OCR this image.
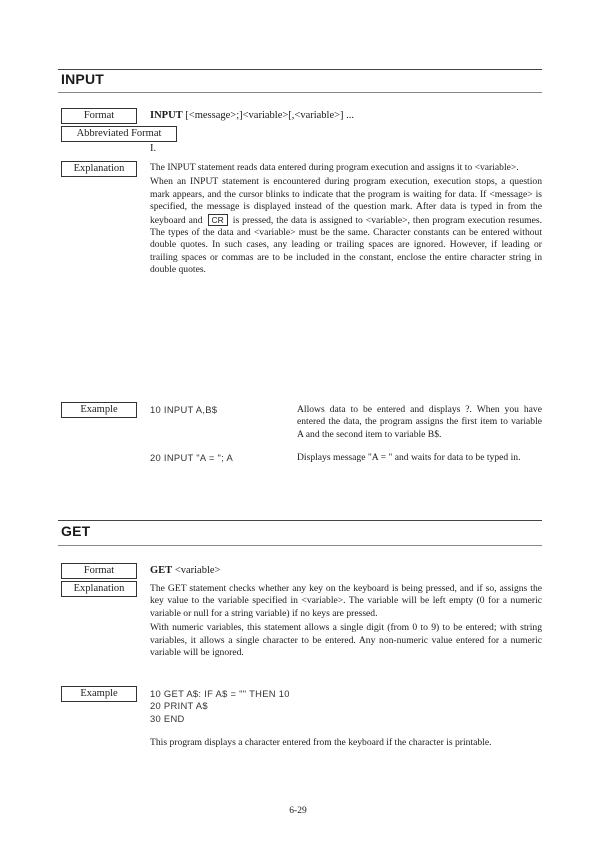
INPUT
Format	INPUT [<message>;]<variable>[,<variable>] ...
Abbreviated Format
I.
Explanation	The INPUT statement reads data entered during program execution and assigns it to <variable>.

When an INPUT statement is encountered during program execution, execution stops, a question mark appears, and the cursor blinks to indicate that the program is waiting for data. If <message> is specified, the message is displayed instead of the question mark. After data is typed in from the keyboard and CR is pressed, the data is assigned to <variable>, then program execution resumes. The types of the data and <variable> must be the same. Character constants can be entered without double quotes. In such cases, any leading or trailing spaces are ignored. However, if leading or trailing spaces or commas are to be included in the constant, enclose the entire character string in double quotes.

Example	10 INPUT A,B$	Allows data to be entered and displays ?. When you have entered the data, the program assigns the first item to variable A and the second item to variable B$.
20 INPUT "A = "; A	Displays message "A = " and waits for data to be typed in.
GET
Format	GET <variable>
Explanation	The GET statement checks whether any key on the keyboard is being pressed, and if so, assigns the key value to the variable specified in <variable>. The variable will be left empty (0 for a numeric variable or null for a string variable) if no keys are pressed.

With numeric variables, this statement allows a single digit (from 0 to 9) to be entered; with string variables, it allows a single character to be entered. Any non-numeric value entered for a numeric variable will be ignored.

Example	10 GET A$: IF A$ = "" THEN 10
20 PRINT A$
30 END
This program displays a character entered from the keyboard if the character is printable.
6-29
